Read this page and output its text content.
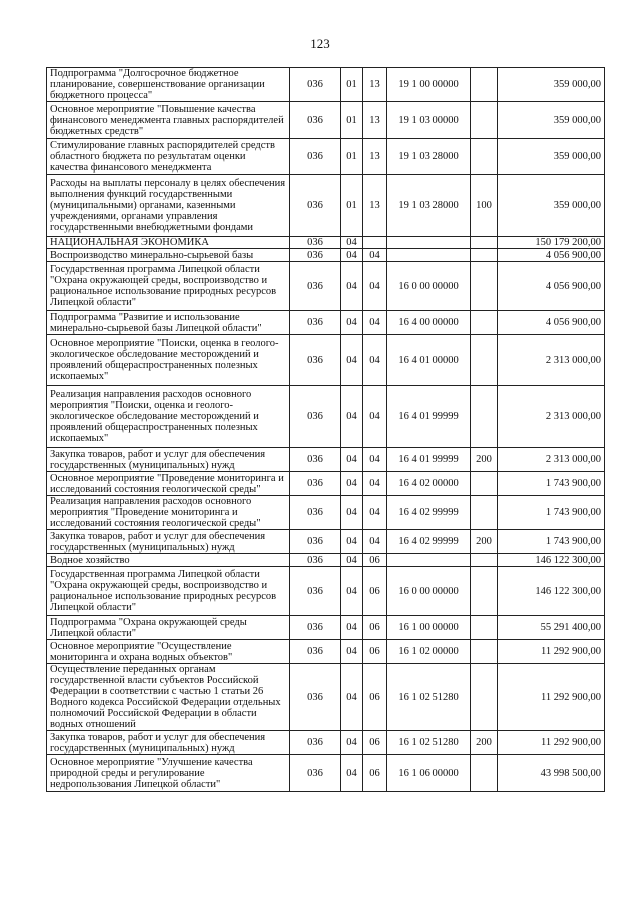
123
Подпрограмма "Долгосрочное бюджетное планирование, совершенствование организации бюджетного процесса"	036	01	13	19 1 00 00000		359 000,00
Основное мероприятие "Повышение качества финансового менеджмента главных распорядителей бюджетных средств"	036	01	13	19 1 03 00000		359 000,00
Стимулирование главных распорядителей средств областного бюджета по результатам оценки качества финансового менеджмента	036	01	13	19 1 03 28000		359 000,00
Расходы на выплаты персоналу в целях обеспечения выполнения функций государственными (муниципальными) органами, казенными учреждениями, органами управления государственными внебюджетными фондами	036	01	13	19 1 03 28000	100	359 000,00
НАЦИОНАЛЬНАЯ ЭКОНОМИКА	036	04				150 179 200,00
Воспроизводство минерально-сырьевой базы	036	04	04			4 056 900,00
Государственная программа Липецкой области "Охрана окружающей среды, воспроизводство и рациональное использование природных ресурсов Липецкой области"	036	04	04	16 0 00 00000		4 056 900,00
Подпрограмма "Развитие и использование минерально-сырьевой базы Липецкой области"	036	04	04	16 4 00 00000		4 056 900,00
Основное мероприятие "Поиски, оценка в геолого-экологическое обследование месторождений и проявлений общераспространенных полезных ископаемых"	036	04	04	16 4 01 00000		2 313 000,00
Реализация направления расходов основного мероприятия "Поиски, оценка и геолого-экологическое обследование месторождений и проявлений общераспространенных полезных ископаемых"	036	04	04	16 4 01 99999		2 313 000,00
Закупка товаров, работ и услуг для обеспечения государственных (муниципальных) нужд	036	04	04	16 4 01 99999	200	2 313 000,00
Основное мероприятие "Проведение мониторинга и исследований состояния геологической среды"	036	04	04	16 4 02 00000		1 743 900,00
Реализация направления расходов основного мероприятия "Проведение мониторинга и исследований состояния геологической среды"	036	04	04	16 4 02 99999		1 743 900,00
Закупка товаров, работ и услуг для обеспечения государственных (муниципальных) нужд	036	04	04	16 4 02 99999	200	1 743 900,00
Водное хозяйство	036	04	06			146 122 300,00
Государственная программа Липецкой области "Охрана окружающей среды, воспроизводство и рациональное использование природных ресурсов Липецкой области"	036	04	06	16 0 00 00000		146 122 300,00
Подпрограмма "Охрана окружающей среды Липецкой области"	036	04	06	16 1 00 00000		55 291 400,00
Основное мероприятие "Осуществление мониторинга и охрана водных объектов"	036	04	06	16 1 02 00000		11 292 900,00
Осуществление переданных органам государственной власти субъектов Российской Федерации в соответствии с частью 1 статьи 26 Водного кодекса Российской Федерации отдельных полномочий Российской Федерации в области водных отношений	036	04	06	16 1 02 51280		11 292 900,00
Закупка товаров, работ и услуг для обеспечения государственных (муниципальных) нужд	036	04	06	16 1 02 51280	200	11 292 900,00
Основное мероприятие "Улучшение качества природной среды и регулирование недропользования Липецкой области"	036	04	06	16 1 06 00000		43 998 500,00
